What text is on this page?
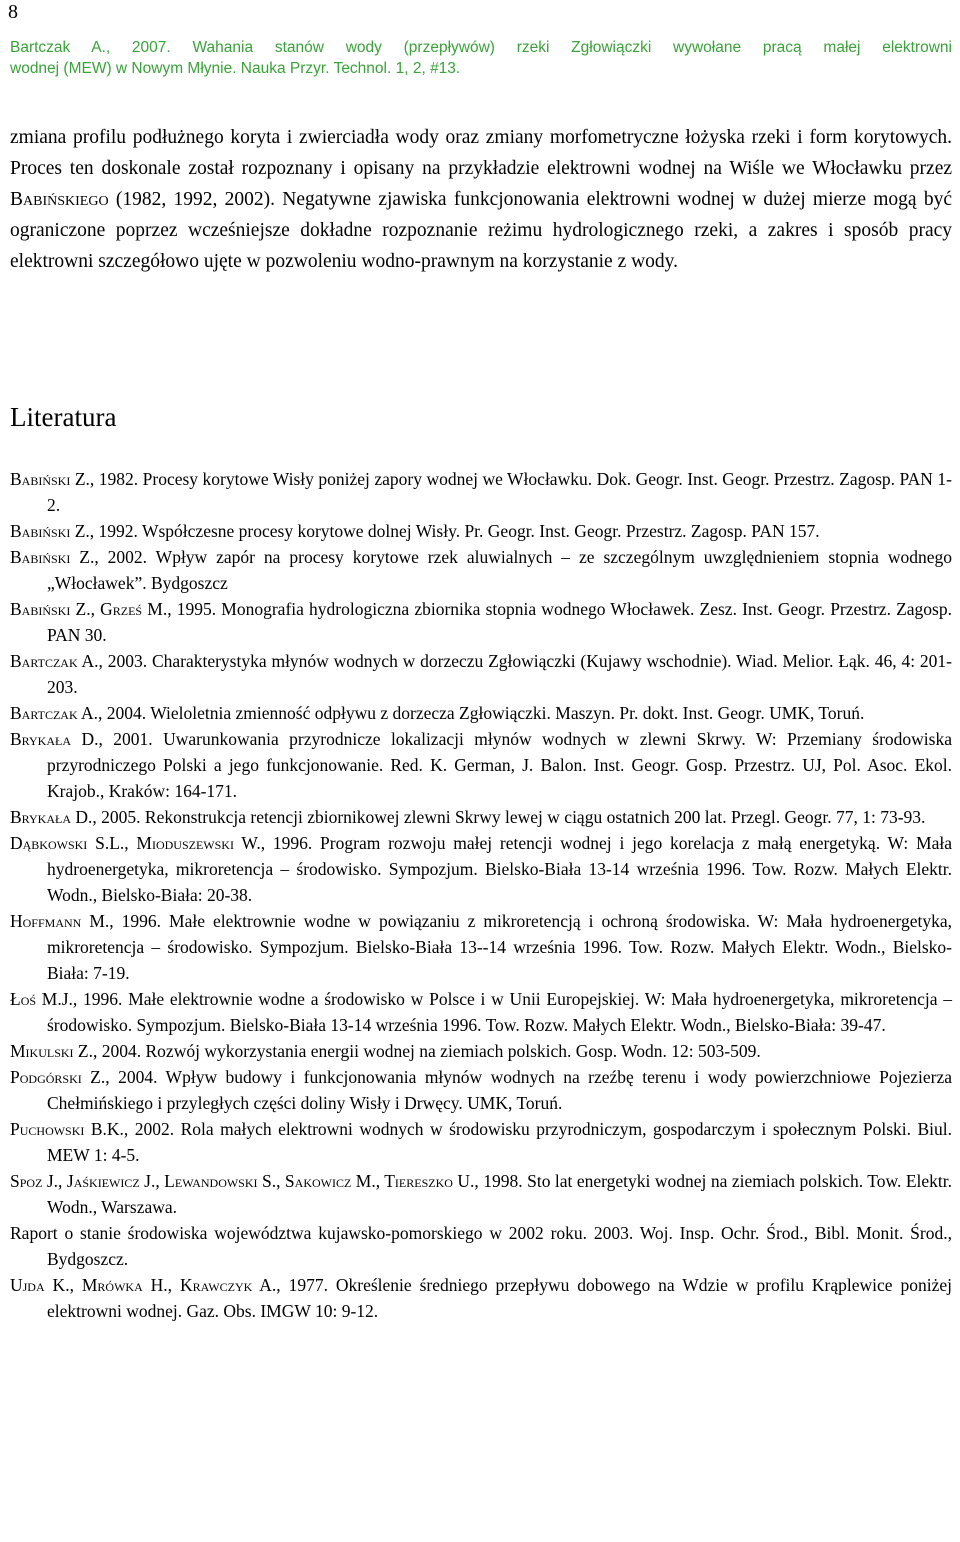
8
Bartczak A., 2007. Wahania stanów wody (przepływów) rzeki Zgłowiączki wywołane pracą małej elektrowni
wodnej (MEW) w Nowym Młynie. Nauka Przyr. Technol. 1, 2, #13.

zmiana profilu podłużnego koryta i zwierciadła wody oraz zmiany morfometryczne łożyska rzeki i form korytowych. Proces ten doskonale został rozpoznany i opisany na przykładzie elektrowni wodnej na Wiśle we Włocławku przez Babińskiego (1982, 1992, 2002). Negatywne zjawiska funkcjonowania elektrowni wodnej w dużej mierze mogą być ograniczone poprzez wcześniejsze dokładne rozpoznanie reżimu hydrologicznego rzeki, a zakres i sposób pracy elektrowni szczegółowo ujęte w pozwoleniu wodno-prawnym na korzystanie z wody.

Literatura

Babiński Z., 1982. Procesy korytowe Wisły poniżej zapory wodnej we Włocławku. Dok. Geogr. Inst. Geogr. Przestrz. Zagosp. PAN 1-2.

Babiński Z., 1992. Współczesne procesy korytowe dolnej Wisły. Pr. Geogr. Inst. Geogr. Przestrz. Zagosp. PAN 157.

Babiński Z., 2002. Wpływ zapór na procesy korytowe rzek aluwialnych – ze szczególnym uwzględnieniem stopnia wodnego „Włocławek”. Bydgoszcz

Babiński Z., Grześ M., 1995. Monografia hydrologiczna zbiornika stopnia wodnego Włocławek. Zesz. Inst. Geogr. Przestrz. Zagosp. PAN 30.

Bartczak A., 2003. Charakterystyka młynów wodnych w dorzeczu Zgłowiączki (Kujawy wschodnie). Wiad. Melior. Łąk. 46, 4: 201-203.

Bartczak A., 2004. Wieloletnia zmienność odpływu z dorzecza Zgłowiączki. Maszyn. Pr. dokt. Inst. Geogr. UMK, Toruń.

Brykała D., 2001. Uwarunkowania przyrodnicze lokalizacji młynów wodnych w zlewni Skrwy. W: Przemiany środowiska przyrodniczego Polski a jego funkcjonowanie. Red. K. German, J. Balon. Inst. Geogr. Gosp. Przestrz. UJ, Pol. Asoc. Ekol. Krajob., Kraków: 164-171.

Brykała D., 2005. Rekonstrukcja retencji zbiornikowej zlewni Skrwy lewej w ciągu ostatnich 200 lat. Przegl. Geogr. 77, 1: 73-93.

Dąbkowski S.L., Mioduszewski W., 1996. Program rozwoju małej retencji wodnej i jego korelacja z małą energetyką. W: Mała hydroenergetyka, mikroretencja – środowisko. Sympozjum. Bielsko-Biała 13-14 września 1996. Tow. Rozw. Małych Elektr. Wodn., Bielsko-Biała: 20-38.

Hoffmann M., 1996. Małe elektrownie wodne w powiązaniu z mikroretencją i ochroną środowiska. W: Mała hydroenergetyka, mikroretencja – środowisko. Sympozjum. Bielsko-Biała 13--14 września 1996. Tow. Rozw. Małych Elektr. Wodn., Bielsko-Biała: 7-19.

Łoś M.J., 1996. Małe elektrownie wodne a środowisko w Polsce i w Unii Europejskiej. W: Mała hydroenergetyka, mikroretencja – środowisko. Sympozjum. Bielsko-Biała 13-14 września 1996. Tow. Rozw. Małych Elektr. Wodn., Bielsko-Biała: 39-47.

Mikulski Z., 2004. Rozwój wykorzystania energii wodnej na ziemiach polskich. Gosp. Wodn. 12: 503-509.

Podgórski Z., 2004. Wpływ budowy i funkcjonowania młynów wodnych na rzeźbę terenu i wody powierzchniowe Pojezierza Chełmińskiego i przyległych części doliny Wisły i Drwęcy. UMK, Toruń.

Puchowski B.K., 2002. Rola małych elektrowni wodnych w środowisku przyrodniczym, gospodarczym i społecznym Polski. Biul. MEW 1: 4-5.

Spoz J., Jaśkiewicz J., Lewandowski S., Sakowicz M., Tiereszko U., 1998. Sto lat energetyki wodnej na ziemiach polskich. Tow. Elektr. Wodn., Warszawa.

Raport o stanie środowiska województwa kujawsko-pomorskiego w 2002 roku. 2003. Woj. Insp. Ochr. Środ., Bibl. Monit. Środ., Bydgoszcz.

Ujda K., Mrówka H., Krawczyk A., 1977. Określenie średniego przepływu dobowego na Wdzie w profilu Krąplewice poniżej elektrowni wodnej. Gaz. Obs. IMGW 10: 9-12.
